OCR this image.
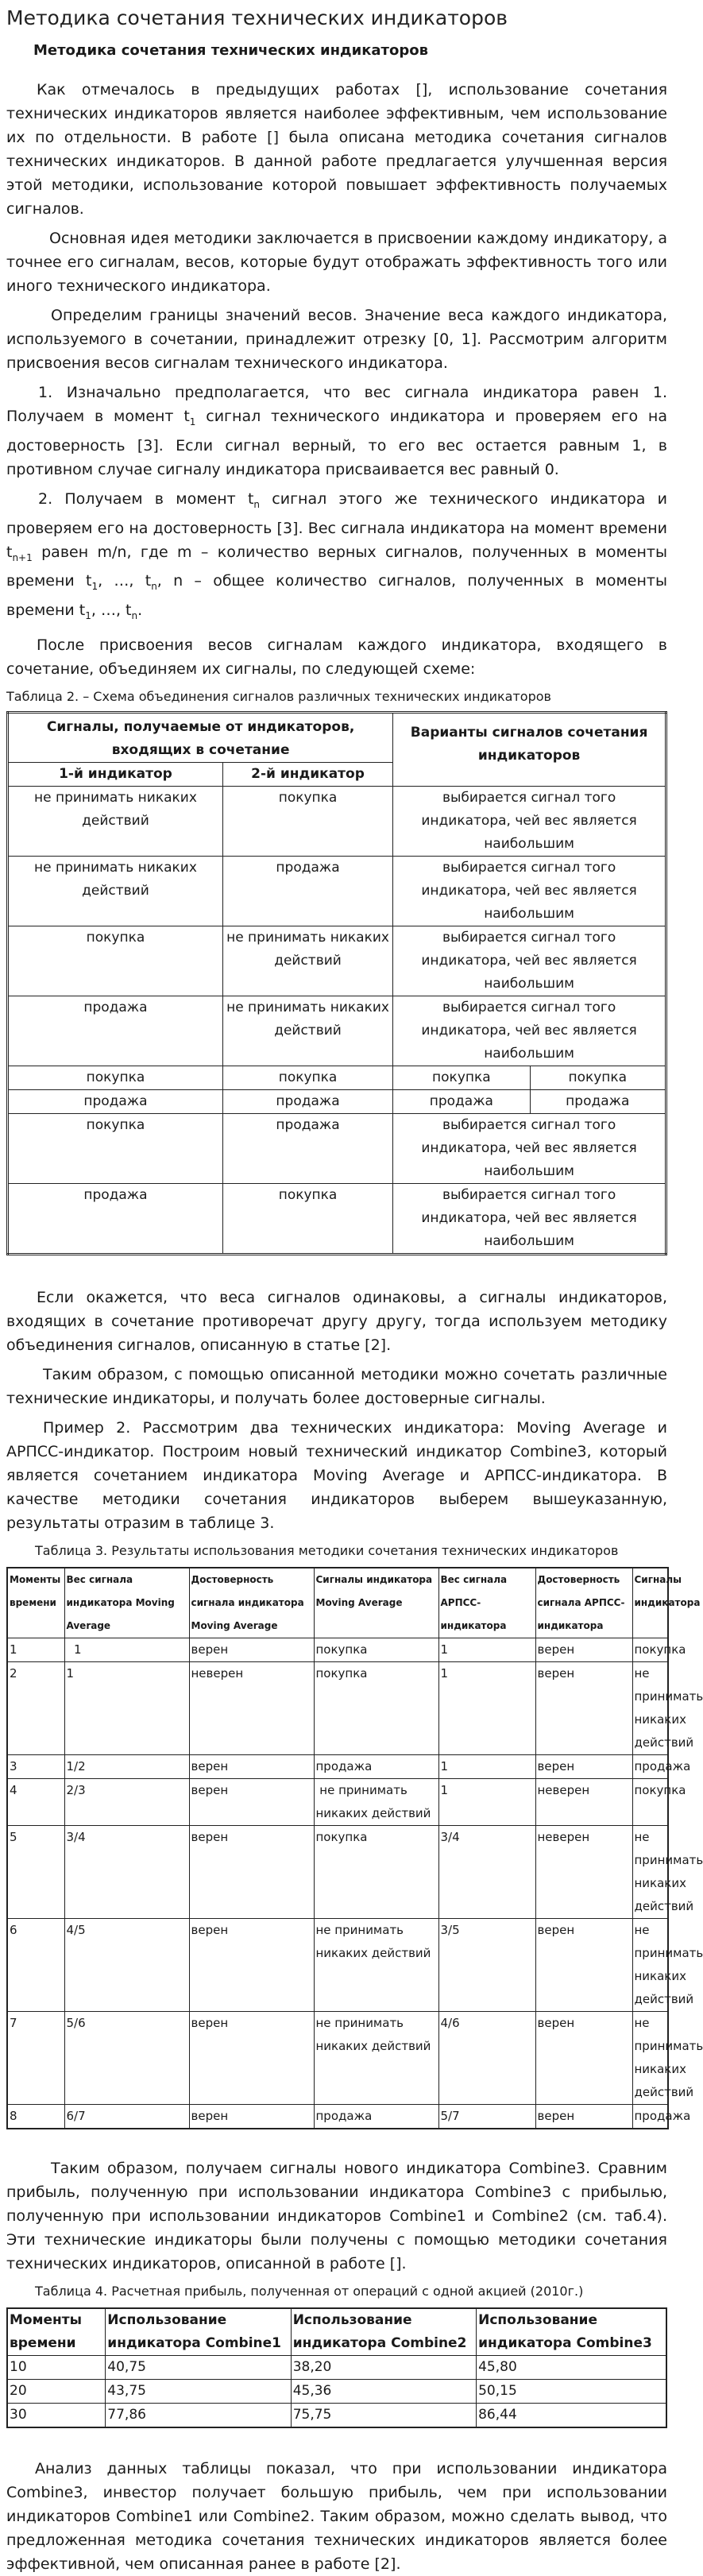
Методика сочетания технических индикаторов

Методика сочетания технических индикаторов

Как отмечалось в предыдущих работах [], использование сочетания технических индикаторов является наиболее эффективным, чем использование их по отдельности. В работе [] была описана методика сочетания сигналов технических индикаторов. В данной работе предлагается улучшенная версия этой методики, использование которой повышает эффективность получаемых сигналов.

Основная идея методики заключается в присвоении каждому индикатору, а точнее его сигналам, весов, которые будут отображать эффективность того или иного технического индикатора.

Определим границы значений весов. Значение веса каждого индикатора, используемого в сочетании, принадлежит отрезку [0, 1]. Рассмотрим алгоритм присвоения весов сигналам технического индикатора.

1. Изначально предполагается, что вес сигнала индикатора равен 1. Получаем в момент $t_1$ сигнал технического индикатора и проверяем его на достоверность [3]. Если сигнал верный, то его вес остается равным 1, в противном случае сигналу индикатора присваивается вес равный 0.

2. Получаем в момент $t_n$ сигнал этого же технического индикатора и проверяем его на достоверность [3]. Вес сигнала индикатора на момент времени $t_{n+1}$ равен m/n, где m – количество верных сигналов, полученных в моменты времени $t_1$, …, $t_n$, n – общее количество сигналов, полученных в моменты времени $t_1$, …, $t_n$.

После присвоения весов сигналам каждого индикатора, входящего в сочетание, объединяем их сигналы, по следующей схеме:

Таблица 2. – Схема объединения сигналов различных технических индикаторов

Сигналы, получаемые от индикаторов, входящих в сочетание		Варианты сигналов сочетания индикаторов	
1-й индикатор	2-й индикатор		
не принимать никаких действий	покупка	выбирается сигнал того индикатора, чей вес является наибольшим	
не принимать никаких действий	продажа	выбирается сигнал того индикатора, чей вес является наибольшим	
покупка	не принимать никаких действий	выбирается сигнал того индикатора, чей вес является наибольшим	
продажа	не принимать никаких действий	выбирается сигнал того индикатора, чей вес является наибольшим	
покупка	покупка	покупка	покупка
продажа	продажа	продажа	продажа
покупка	продажа	выбирается сигнал того индикатора, чей вес является наибольшим	
продажа	покупка	выбирается сигнал того индикатора, чей вес является наибольшим	

Если окажется, что веса сигналов одинаковы, а сигналы индикаторов, входящих в сочетание противоречат другу другу, тогда используем методику объединения сигналов, описанную в статье [2].

Таким образом, с помощью описанной методики можно сочетать различные технические индикаторы, и получать более достоверные сигналы.

Пример 2. Рассмотрим два технических индикатора: Moving Average и АРПСС-индикатор. Построим новый технический индикатор Combine3, который является сочетанием индикатора Moving Average и АРПСС-индикатора. В качестве методики сочетания индикаторов выберем вышеуказанную, результаты отразим в таблице 3.

Таблица 3. Результаты использования методики сочетания технических индикаторов

Моменты времени	Вес сигнала индикатора Moving Average	Достоверность сигнала индикатора Moving Average	Сигналы индикатора Moving Average	Вес сигнала АРПСС-индикатора	Достоверность сигнала АРПСС-индикатора	Сигналы индикатора
1	1	верен	покупка	1	верен	покупка
2	1	неверен	покупка	1	верен	не принимать никаких действий
3	1/2	верен	продажа	1	верен	продажа
4	2/3	верен	не принимать никаких действий	1	неверен	покупка
5	3/4	верен	покупка	3/4	неверен	не принимать никаких действий
6	4/5	верен	не принимать никаких действий	3/5	верен	не принимать никаких действий
7	5/6	верен	не принимать никаких действий	4/6	верен	не принимать никаких действий
8	6/7	верен	продажа	5/7	верен	продажа

Таким образом, получаем сигналы нового индикатора Combine3. Сравним прибыль, полученную при использовании индикатора Combine3 с прибылью, полученную при использовании индикаторов Combine1 и Combine2 (см. таб.4). Эти технические индикаторы были получены с помощью методики сочетания технических индикаторов, описанной в работе [].

Таблица 4. Расчетная прибыль, полученная от операций с одной акцией (2010г.)

Моменты времени	Использование индикатора Combine1	Использование индикатора Combine2	Использование индикатора Combine3
10	40,75	38,20	45,80
20	43,75	45,36	50,15
30	77,86	75,75	86,44

Анализ данных таблицы показал, что при использовании индикатора Combine3, инвестор получает большую прибыль, чем при использовании индикаторов Combine1 или Combine2. Таким образом, можно сделать вывод, что предложенная методика сочетания технических индикаторов является более эффективной, чем описанная ранее в работе [2].
